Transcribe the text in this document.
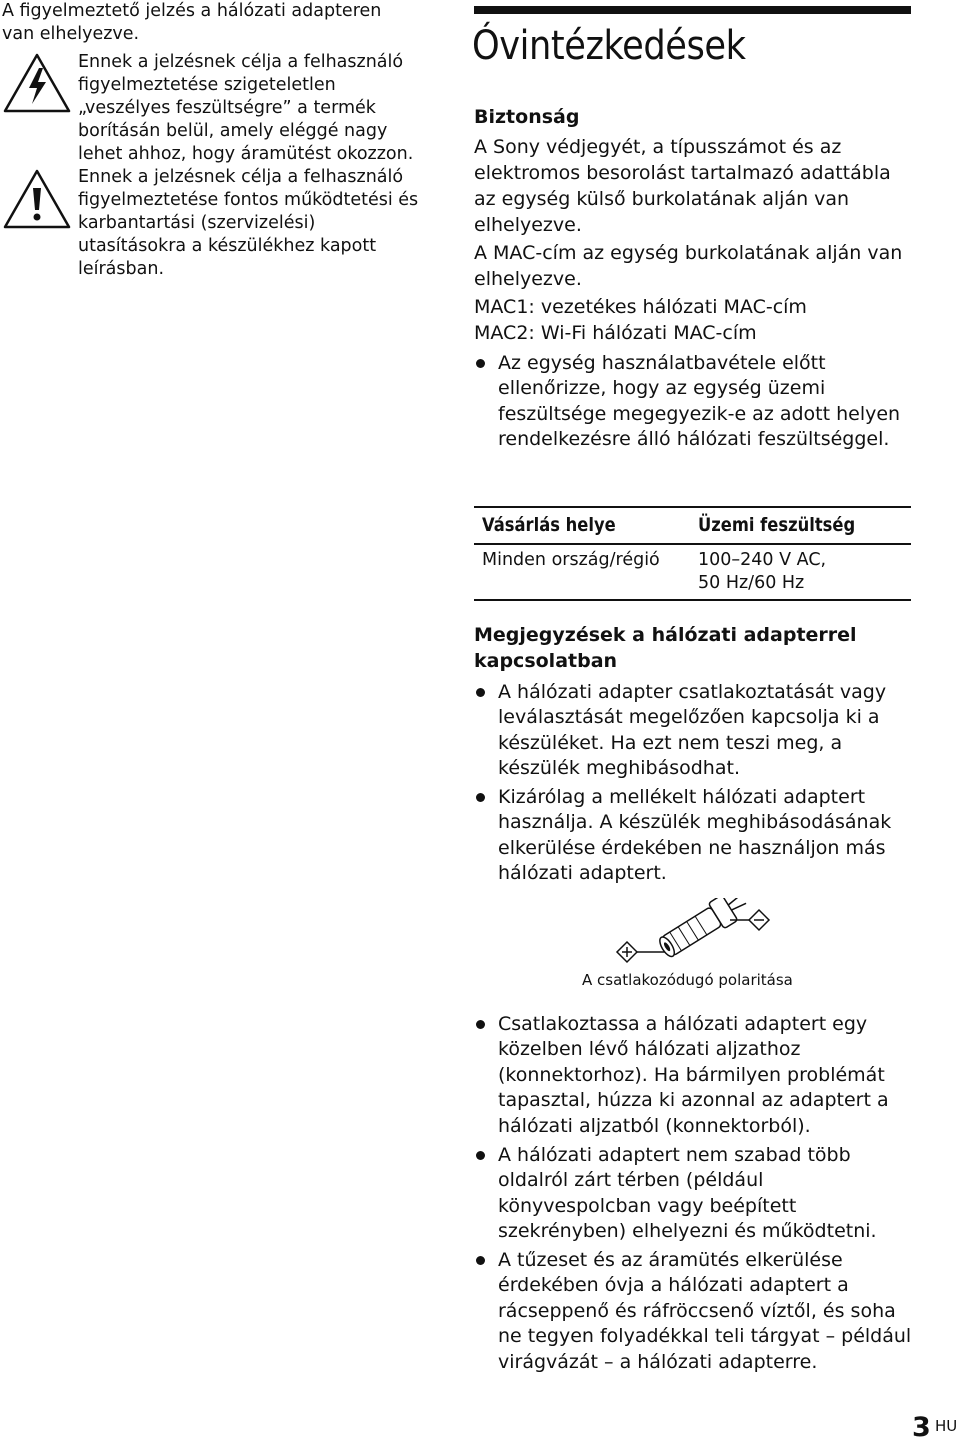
A figyelmeztető jelzés a hálózati adapteren van elhelyezve.
Ennek a jelzésnek célja a felhasználó figyelmeztetése szigeteletlen „veszélyes feszültségre” a termék borításán belül, amely eléggé nagy lehet ahhoz, hogy áramütést okozzon.
Ennek a jelzésnek célja a felhasználó figyelmeztetése fontos működtetési és karbantartási (szervizelési) utasításokra a készülékhez kapott leírásban.
Óvintézkedések
Biztonság
A Sony védjegyét, a típusszámot és az elektromos besorolást tartalmazó adattábla az egység külső burkolatának alján van elhelyezve.
A MAC-cím az egység burkolatának alján van elhelyezve.
MAC1: vezetékes hálózati MAC-cím
MAC2: Wi-Fi hálózati MAC-cím
Az egység használatbavétele előtt ellenőrizze, hogy az egység üzemi feszültsége megegyezik-e az adott helyen rendelkezésre álló hálózati feszültséggel.
Vásárlás helye	Üzemi feszültség
Minden ország/régió 100–240 V AC,
50 Hz/60 Hz
Megjegyzések a hálózati adapterrel kapcsolatban
A hálózati adapter csatlakoztatását vagy leválasztását megelőzően kapcsolja ki a készüléket. Ha ezt nem teszi meg, a készülék meghibásodhat.
Kizárólag a mellékelt hálózati adaptert használja. A készülék meghibásodásának elkerülése érdekében ne használjon más hálózati adaptert.
A csatlakozódugó polaritása
Csatlakoztassa a hálózati adaptert egy közelben lévő hálózati aljzathoz (konnektorhoz). Ha bármilyen problémát tapasztal, húzza ki azonnal az adaptert a hálózati aljzatból (konnektorból).
A hálózati adaptert nem szabad több oldalról zárt térben (például könyvespolcban vagy beépített szekrényben) elhelyezni és működtetni.
A tűzeset és az áramütés elkerülése érdekében óvja a hálózati adaptert a rácseppenő és ráfröccsenő víztől, és soha ne tegyen folyadékkal teli tárgyat – például virágvázát – a hálózati adapterre.
3 HU
